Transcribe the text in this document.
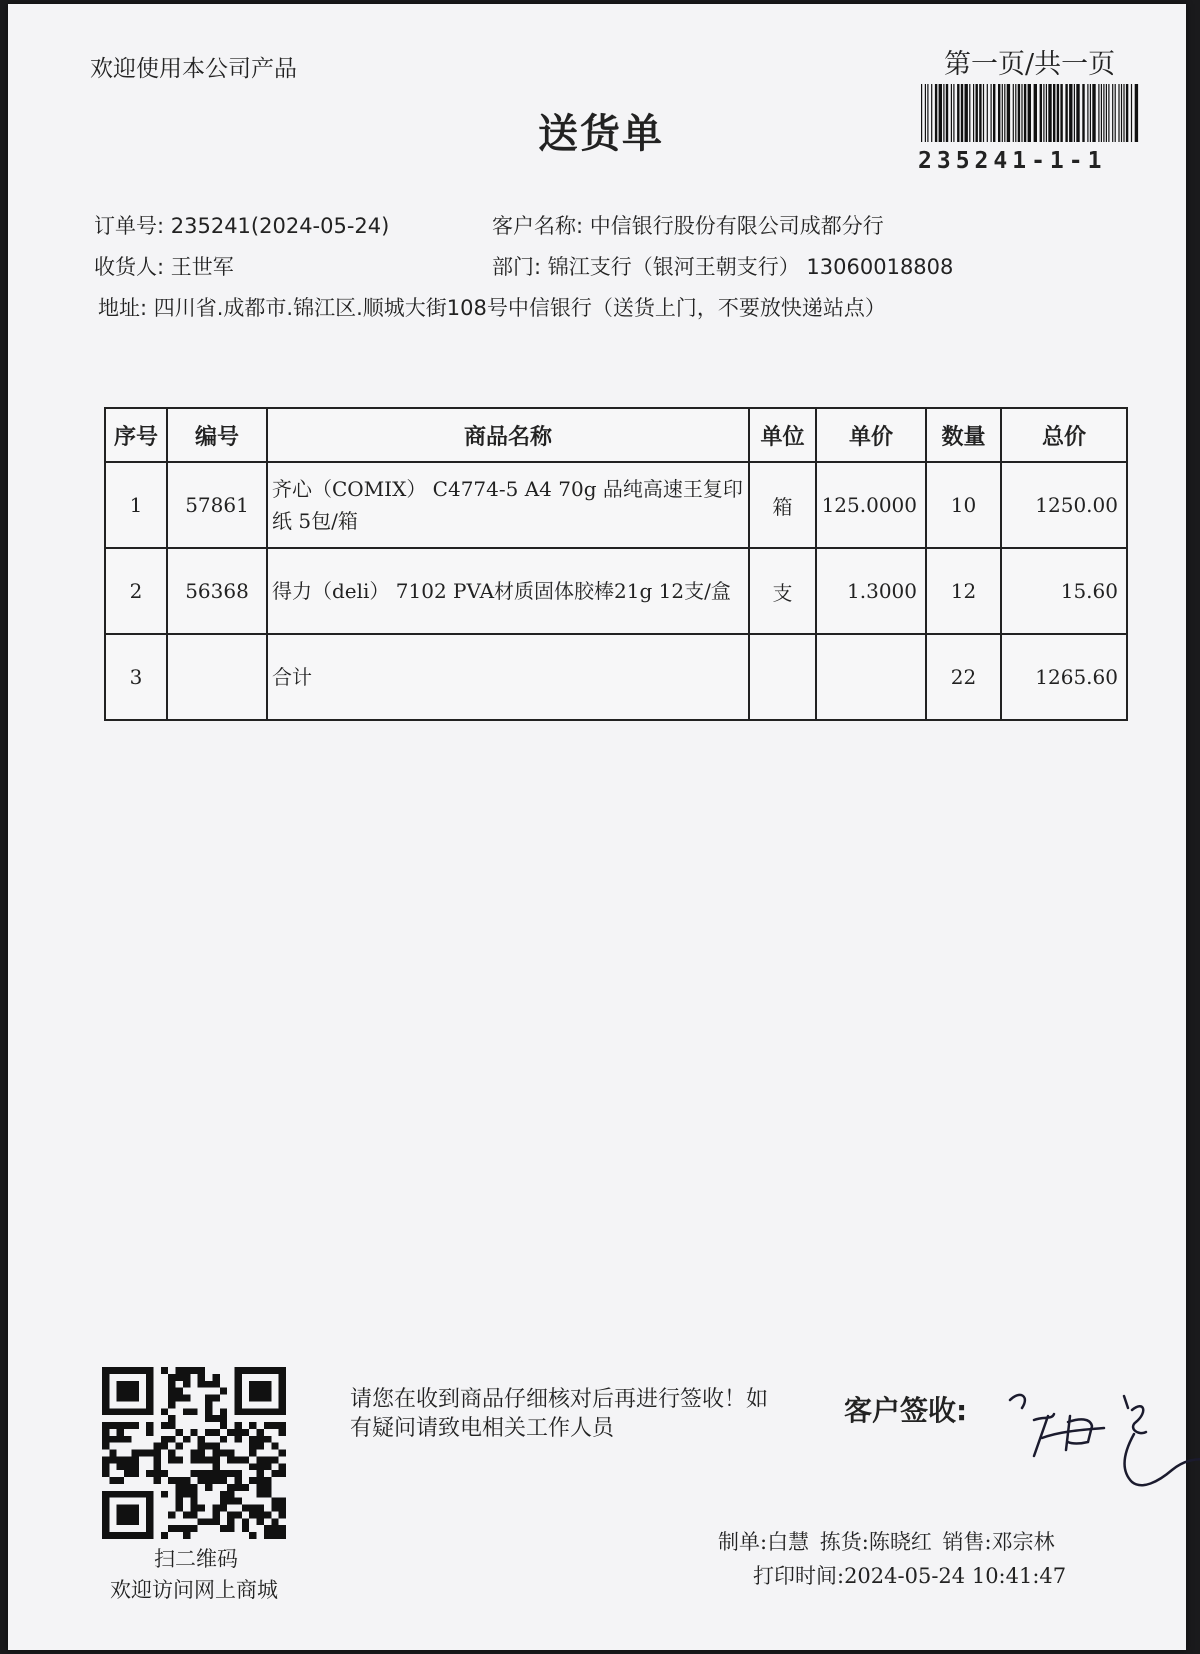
欢迎使用本公司产品	第一页/共一页
235241-1-1
送货单
订单号: 235241(2024-05-24)	客户名称: 中信银行股份有限公司成都分行
收货人: 王世军	部门: 锦江支行（银河王朝支行） 13060018808
地址: 四川省.成都市.锦江区.顺城大街108号中信银行（送货上门，不要放快递站点）
序号	编号	商品名称	单位	单价	数量	总价
1	57861	齐心（COMIX） C4774-5 A4 70g 品纯高速王复印纸 5包/箱	箱	125.0000	10	1250.00
2	56368	得力（deli） 7102 PVA材质固体胶棒21g 12支/盒	支	1.3000	12	15.60
3		合计			22	1265.60
扫二维码
欢迎访问网上商城
请您在收到商品仔细核对后再进行签收！如有疑问请致电相关工作人员
客户签收:
制单:白慧 拣货:陈晓红 销售:邓宗林
打印时间:2024-05-24 10:41:47
